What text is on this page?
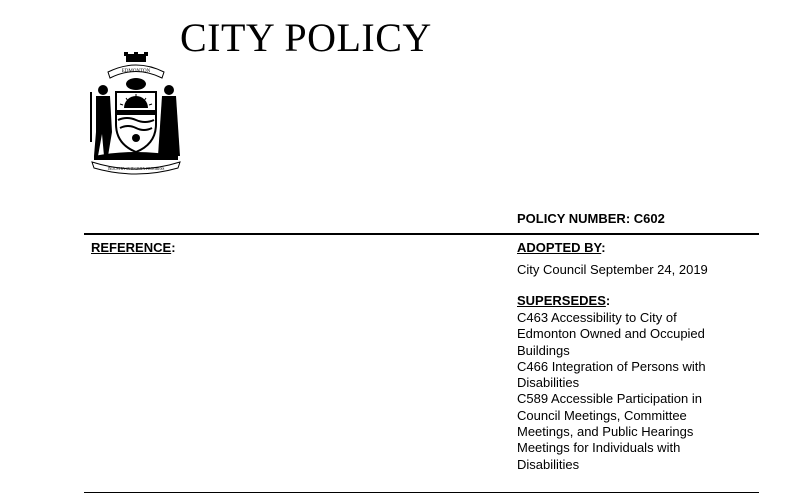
CITY POLICY
EDMONTON
INDUSTRY INTEGRITY PROGRESS
POLICY NUMBER: C602
REFERENCE:	ADOPTED BY:
City Council September 24, 2019
SUPERSEDES:
C463 Accessibility to City of
Edmonton Owned and Occupied
Buildings
C466 Integration of Persons with
Disabilities
C589 Accessible Participation in
Council Meetings, Committee
Meetings, and Public Hearings
Meetings for Individuals with
Disabilities
